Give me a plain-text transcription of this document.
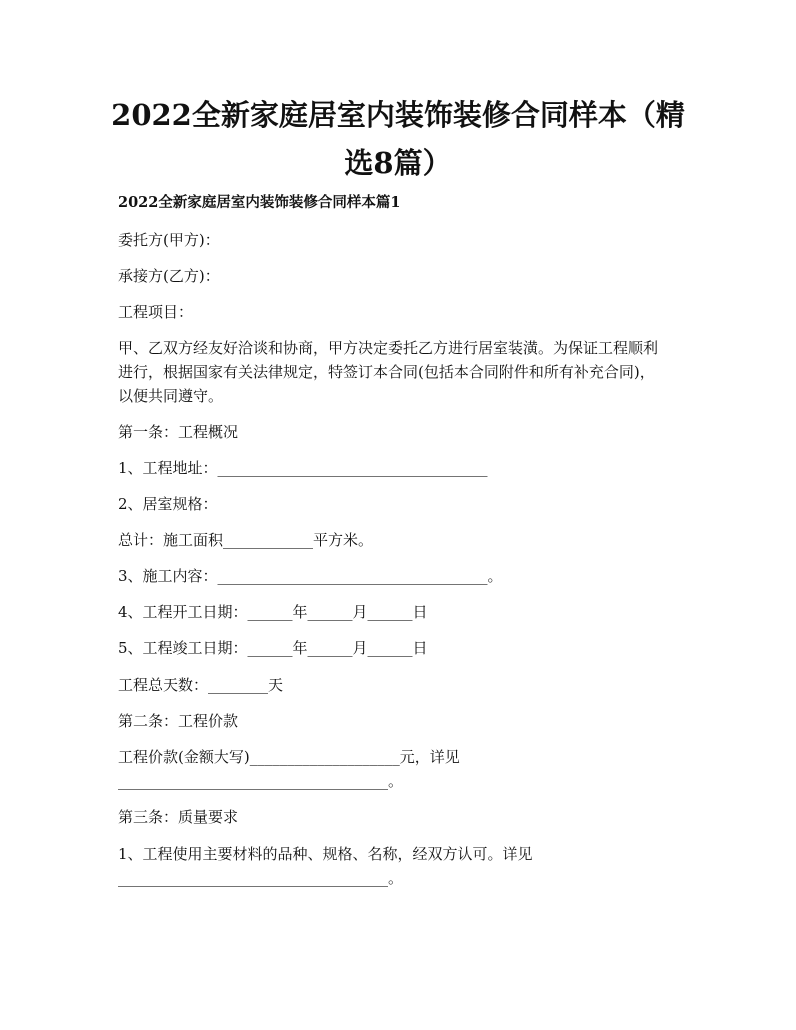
2022全新家庭居室内装饰装修合同样本（精
选8篇）
2022全新家庭居室内装饰装修合同样本篇1
委托方(甲方)：
承接方(乙方)：
工程项目：
甲、乙双方经友好洽谈和协商，甲方决定委托乙方进行居室装潢。为保证工程顺利
进行，根据国家有关法律规定，特签订本合同(包括本合同附件和所有补充合同)，
以便共同遵守。
第一条：工程概况
1、工程地址：____________________________________
2、居室规格：
总计：施工面积____________平方米。
3、施工内容：____________________________________。
4、工程开工日期：______年______月______日
5、工程竣工日期：______年______月______日
工程总天数：________天
第二条：工程价款
工程价款(金额大写)____________________元，详见
____________________________________。
第三条：质量要求
1、工程使用主要材料的品种、规格、名称，经双方认可。详见
____________________________________。
